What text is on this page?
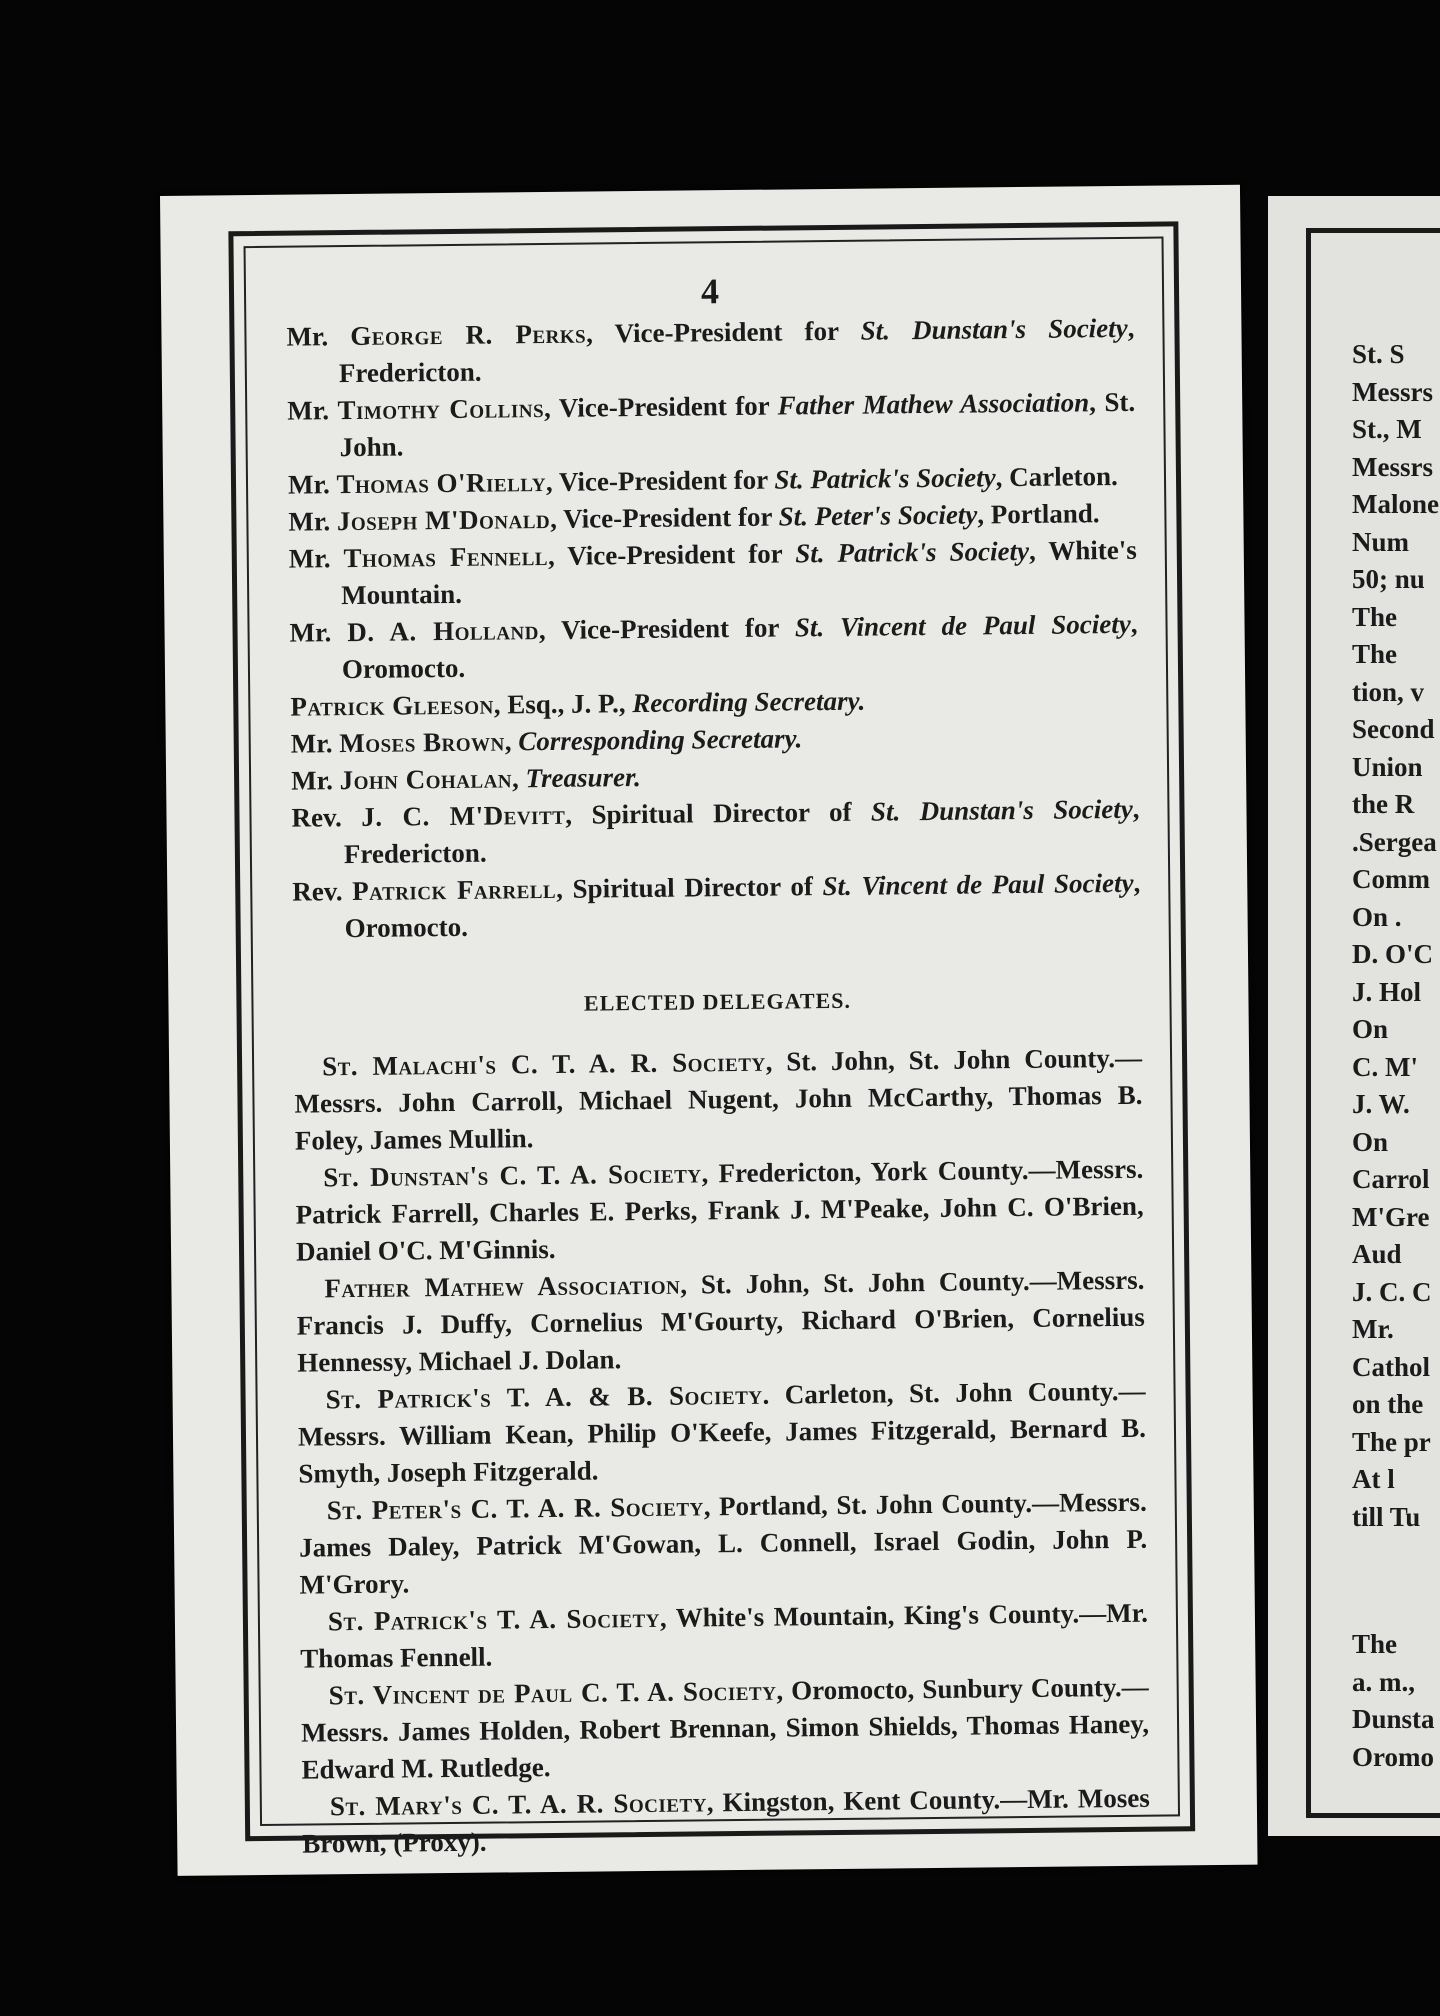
4
Mr. George R. Perks, Vice-President for St. Dunstan's Society, Fredericton.
Mr. Timothy Collins, Vice-President for Father Mathew Association, St. John.
Mr. Thomas O'Rielly, Vice-President for St. Patrick's Society, Carleton.
Mr. Joseph M'Donald, Vice-President for St. Peter's Society, Portland.
Mr. Thomas Fennell, Vice-President for St. Patrick's Society, White's Mountain.
Mr. D. A. Holland, Vice-President for St. Vincent de Paul Society, Oromocto.
Patrick Gleeson, Esq., J. P., Recording Secretary.
Mr. Moses Brown, Corresponding Secretary.
Mr. John Cohalan, Treasurer.
Rev. J. C. M'Devitt, Spiritual Director of St. Dunstan's Society, Fredericton.
Rev. Patrick Farrell, Spiritual Director of St. Vincent de Paul Society, Oromocto.
ELECTED DELEGATES.
St. Malachi's C. T. A. R. Society, St. John, St. John County.—Messrs. John Carroll, Michael Nugent, John McCarthy, Thomas B. Foley, James Mullin.
St. Dunstan's C. T. A. Society, Fredericton, York County.—Messrs. Patrick Farrell, Charles E. Perks, Frank J. M'Peake, John C. O'Brien, Daniel O'C. M'Ginnis.
Father Mathew Association, St. John, St. John County.—Messrs. Francis J. Duffy, Cornelius M'Gourty, Richard O'Brien, Cornelius Hennessy, Michael J. Dolan.
St. Patrick's T. A. & B. Society. Carleton, St. John County.—Messrs. William Kean, Philip O'Keefe, James Fitzgerald, Bernard B. Smyth, Joseph Fitzgerald.
St. Peter's C. T. A. R. Society, Portland, St. John County.—Messrs. James Daley, Patrick M'Gowan, L. Connell, Israel Godin, John P. M'Grory.
St. Patrick's T. A. Society, White's Mountain, King's County.—Mr. Thomas Fennell.
St. Vincent de Paul C. T. A. Society, Oromocto, Sunbury County.—Messrs. James Holden, Robert Brennan, Simon Shields, Thomas Haney, Edward M. Rutledge.
St. Mary's C. T. A. R. Society, Kingston, Kent County.—Mr. Moses Brown, (Proxy).
St. S
Messrs
St., M
Messrs
Malone
Num
50; nu
The
The
tion, v
Second
Union
the R
.Sergea
Comm
On .
D. O'C
J. Hol
On
C. M'
J. W.
On
Carrol
M'Gre
Aud
J. C. C
Mr.
Cathol
on the
The pr
At l
till Tu
The
a. m.,
Dunsta
Oromo
